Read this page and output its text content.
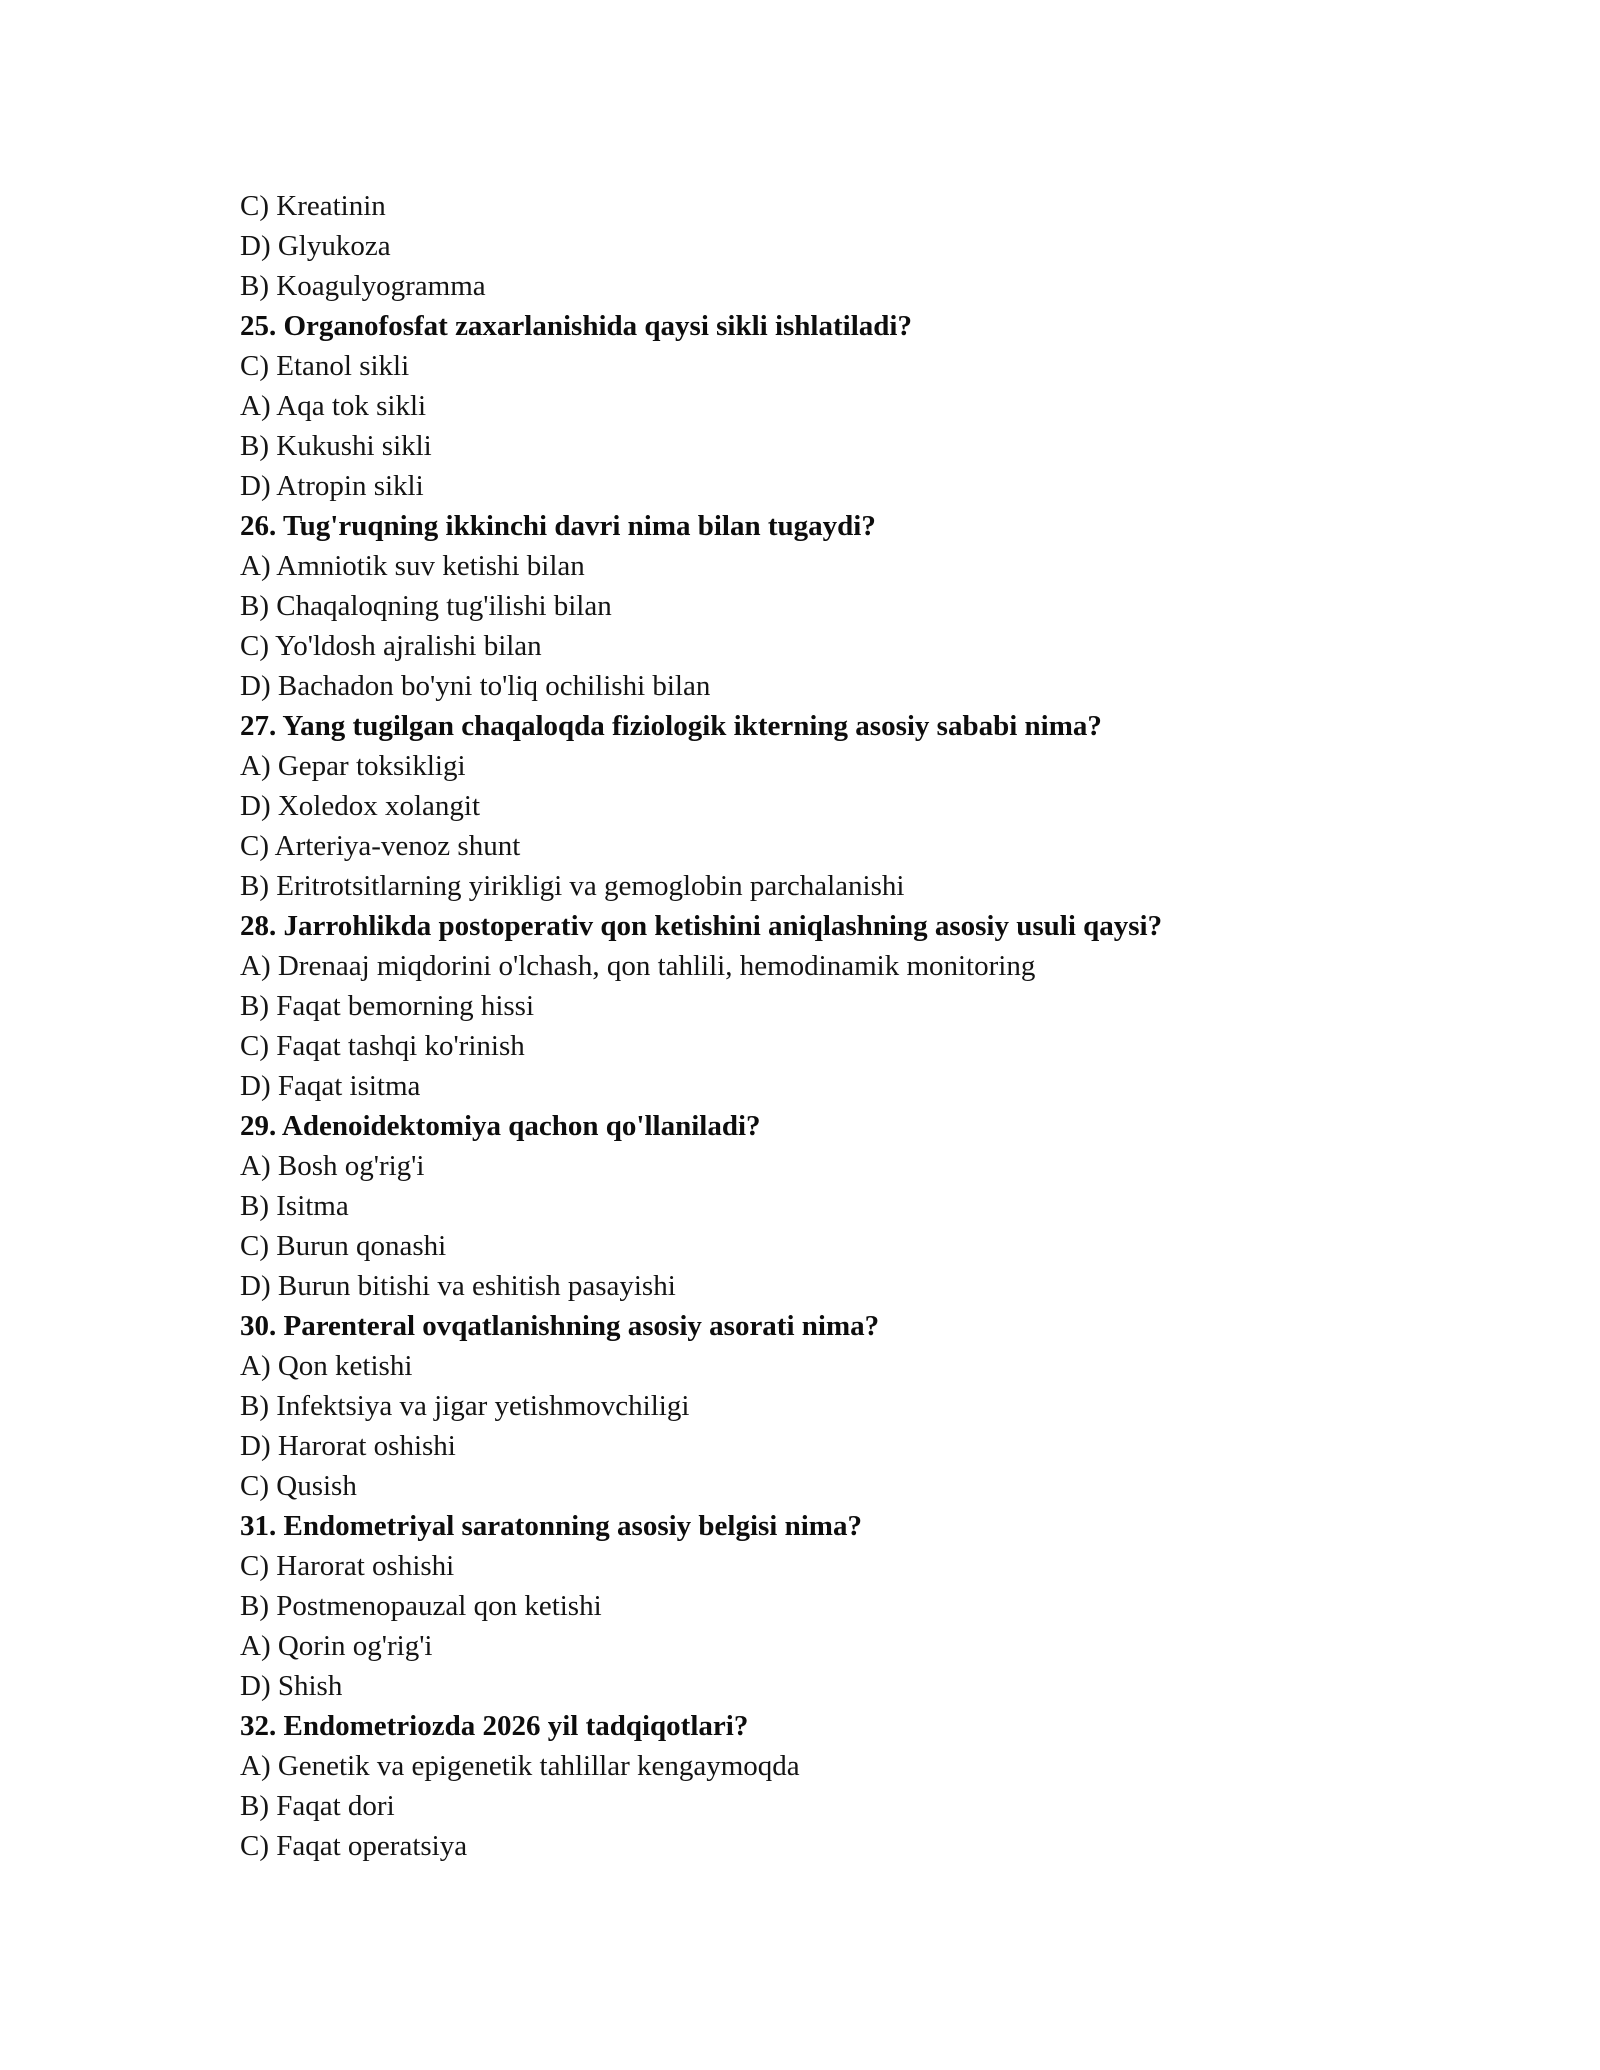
C) Kreatinin
D) Glyukoza
B) Koagulyogramma
25. Organofosfat zaxarlanishida qaysi sikli ishlatiladi?
C) Etanol sikli
A) Aqa tok sikli
B) Kukushi sikli
D) Atropin sikli
26. Tug'ruqning ikkinchi davri nima bilan tugaydi?
A) Amniotik suv ketishi bilan
B) Chaqaloqning tug'ilishi bilan
C) Yo'ldosh ajralishi bilan
D) Bachadon bo'yni to'liq ochilishi bilan
27. Yang tugilgan chaqaloqda fiziologik ikterning asosiy sababi nima?
A) Gepar toksikligi
D) Xoledox xolangit
C) Arteriya-venoz shunt
B) Eritrotsitlarning yirikligi va gemoglobin parchalanishi
28. Jarrohlikda postoperativ qon ketishini aniqlashning asosiy usuli qaysi?
A) Drenaaj miqdorini o'lchash, qon tahlili, hemodinamik monitoring
B) Faqat bemorning hissi
C) Faqat tashqi ko'rinish
D) Faqat isitma
29. Adenoidektomiya qachon qo'llaniladi?
A) Bosh og'rig'i
B) Isitma
C) Burun qonashi
D) Burun bitishi va eshitish pasayishi
30. Parenteral ovqatlanishning asosiy asorati nima?
A) Qon ketishi
B) Infektsiya va jigar yetishmovchiligi
D) Harorat oshishi
C) Qusish
31. Endometriyal saratonning asosiy belgisi nima?
C) Harorat oshishi
B) Postmenopauzal qon ketishi
A) Qorin og'rig'i
D) Shish
32. Endometriozda 2026 yil tadqiqotlari?
A) Genetik va epigenetik tahlillar kengaymoqda
B) Faqat dori
C) Faqat operatsiya
